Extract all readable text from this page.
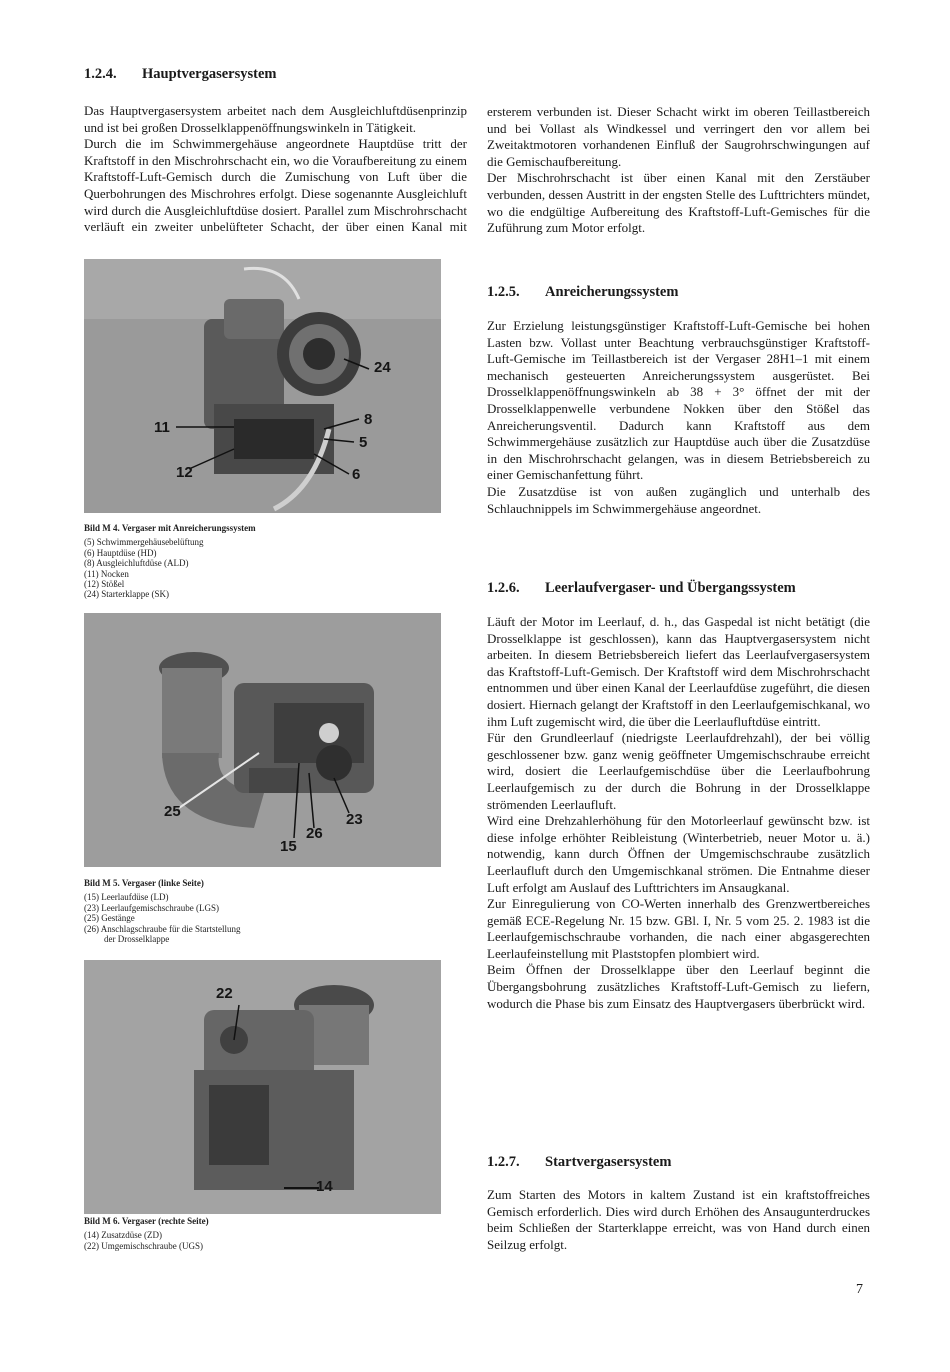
1.2.4. Hauptvergasersystem

Das Hauptvergasersystem arbeitet nach dem Ausgleichluftdüsenprinzip und ist bei großen Drosselklappenöffnungswinkeln in Tätigkeit.
Durch die im Schwimmergehäuse angeordnete Hauptdüse tritt der Kraftstoff in den Mischrohrschacht ein, wo die Voraufbereitung zu einem Kraftstoff-Luft-Gemisch durch die Zumischung von Luft über die Querbohrungen des Mischrohres erfolgt. Diese sogenannte Ausgleichluft wird durch die Ausgleichluftdüse dosiert. Parallel zum Mischrohrschacht verläuft ein zweiter unbelüfteter Schacht, der über einen Kanal mit ersterem verbunden ist. Dieser Schacht wirkt im oberen Teillastbereich und bei Vollast als Windkessel und verringert den vor allem bei Zweitaktmotoren vorhandenen Einfluß der Saugrohrschwingungen auf die Gemischaufbereitung.
Der Mischrohrschacht ist über einen Kanal mit den Zerstäuber verbunden, dessen Austritt in der engsten Stelle des Lufttrichters mündet, wo die endgültige Aufbereitung des Kraftstoff-Luft-Gemisches für die Zuführung zum Motor erfolgt.

11
12
24
8
5
6
Bild M 4. Vergaser mit Anreicherungssystem
(5) Schwimmergehäusebelüftung
(6) Hauptdüse (HD)
(8) Ausgleichluftdüse (ALD)
(11) Nocken
(12) Stößel
(24) Starterklappe (SK)
25
15
26
23
Bild M 5. Vergaser (linke Seite)
(15) Leerlaufdüse (LD)
(23) Leerlaufgemischschraube (LGS)
(25) Gestänge
(26) Anschlagschraube für die Startstellung
der Drosselklappe
22
14
Bild M 6. Vergaser (rechte Seite)
(14) Zusatzdüse (ZD)
(22) Umgemischschraube (UGS)
1.2.5. Anreicherungssystem

Zur Erzielung leistungsgünstiger Kraftstoff-Luft-Gemische bei hohen Lasten bzw. Vollast unter Beachtung verbrauchsgünstiger Kraftstoff-Luft-Gemische im Teillastbereich ist der Vergaser 28H1–1 mit einem mechanisch gesteuerten Anreicherungssystem ausgerüstet. Bei Drosselklappenöffnungswinkeln ab 38 + 3° öffnet der mit der Drosselklappenwelle verbundene Nokken über den Stößel das Anreicherungsventil. Dadurch kann Kraftstoff aus dem Schwimmergehäuse zusätzlich zur Hauptdüse auch über die Zusatzdüse in den Mischrohrschacht gelangen, was in diesem Betriebsbereich zu einer Gemischanfettung führt.
Die Zusatzdüse ist von außen zugänglich und unterhalb des Schlauchnippels im Schwimmergehäuse angeordnet.

1.2.6. Leerlaufvergaser- und Übergangssystem

Läuft der Motor im Leerlauf, d. h., das Gaspedal ist nicht betätigt (die Drosselklappe ist geschlossen), kann das Hauptvergasersystem nicht arbeiten. In diesem Betriebsbereich liefert das Leerlaufvergasersystem das Kraftstoff-Luft-Gemisch. Der Kraftstoff wird dem Mischrohrschacht entnommen und über einen Kanal der Leerlaufdüse zugeführt, die diesen dosiert. Hiernach gelangt der Kraftstoff in den Leerlaufgemischkanal, wo ihm Luft zugemischt wird, die über die Leerlaufluftdüse eintritt.
Für den Grundleerlauf (niedrigste Leerlaufdrehzahl), der bei völlig geschlossener bzw. ganz wenig geöffneter Umgemischschraube erreicht wird, dosiert die Leerlaufgemischdüse über die Leerlaufbohrung Leerlaufgemisch zu der durch die Bohrung in der Drosselklappe strömenden Leerlaufluft.
Wird eine Drehzahlerhöhung für den Motorleerlauf gewünscht bzw. ist diese infolge erhöhter Reibleistung (Winterbetrieb, neuer Motor u. ä.) notwendig, kann durch Öffnen der Umgemischschraube zusätzlich Leerlaufluft durch den Umgemischkanal strömen. Die Entnahme dieser Luft erfolgt am Auslauf des Lufttrichters im Ansaugkanal.
Zur Einregulierung von CO-Werten innerhalb des Grenzwertbereiches gemäß ECE-Regelung Nr. 15 bzw. GBl. I, Nr. 5 vom 25. 2. 1983 ist die Leerlaufgemischschraube vorhanden, die nach einer abgasgerechten Leerlaufeinstellung mit Plaststopfen plombiert wird.
Beim Öffnen der Drosselklappe über den Leerlauf beginnt die Übergangsbohrung zusätzliches Kraftstoff-Luft-Gemisch zu liefern, wodurch die Phase bis zum Einsatz des Hauptvergasers überbrückt wird.

1.2.7. Startvergasersystem

Zum Starten des Motors in kaltem Zustand ist ein kraftstoffreiches Gemisch erforderlich. Dies wird durch Erhöhen des Ansaugunterdruckes beim Schließen der Starterklappe erreicht, was von Hand durch einen Seilzug erfolgt.

7
